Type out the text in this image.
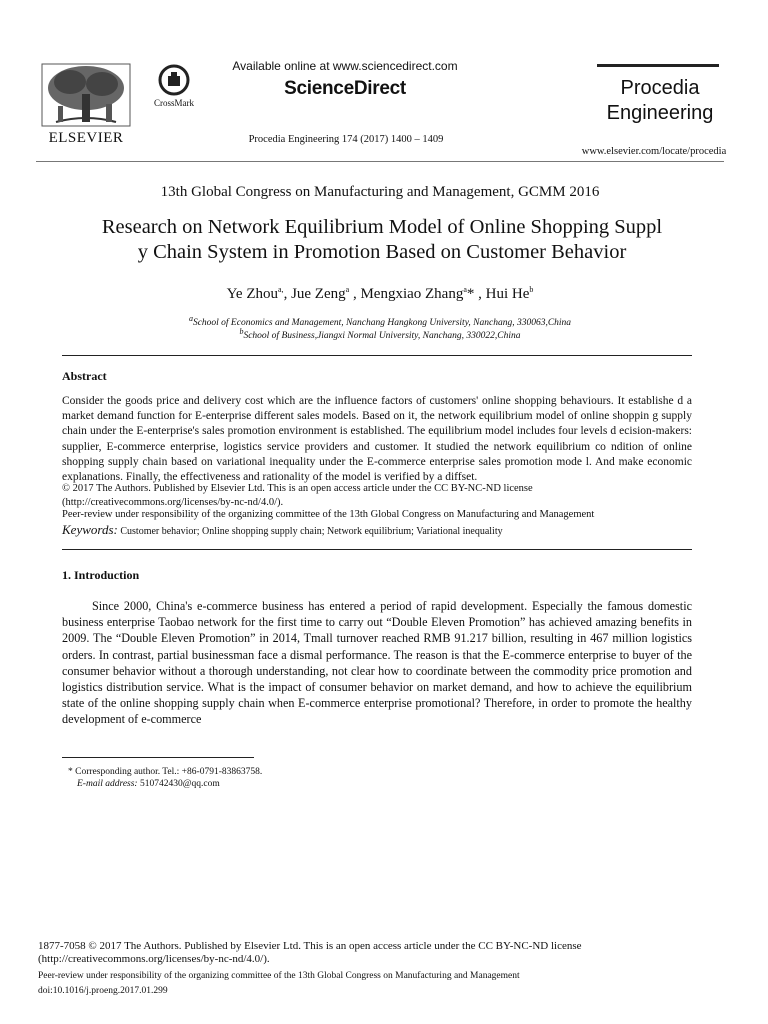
ELSEVIER
CrossMark
Available online at www.sciencedirect.com
ScienceDirect
Procedia Engineering 174 (2017) 1400 – 1409
Procedia
Engineering
www.elsevier.com/locate/procedia
13th Global Congress on Manufacturing and Management, GCMM 2016
Research on Network Equilibrium Model of Online Shopping Suppl
y Chain System in Promotion Based on Customer Behavior
Ye Zhou$^{a,}$, Jue Zeng$^a$ , Mengxiao Zhang$^a$* , Hui He$^b$
$^a$School of Economics and Management, Nanchang Hangkong University, Nanchang, 330063,China
$^b$School of Business,Jiangxi Normal University, Nanchang, 330022,China
Abstract
Consider the goods price and delivery cost which are the influence factors of customers' online shopping behaviours. It establishe d a market demand function for E-enterprise different sales models. Based on it, the network equilibrium model of online shoppin g supply chain under the E-enterprise's sales promotion environment is established. The equilibrium model includes four levels d ecision-makers: supplier, E-commerce enterprise, logistics service providers and customer. It studied the network equilibrium co ndition of online shopping supply chain based on variational inequality under the E-commerce enterprise sales promotion mode l. And make economic explanations. Finally, the effectiveness and rationality of the model is verified by a diffset.
© 2017 The Authors. Published by Elsevier Ltd. This is an open access article under the CC BY-NC-ND license (http://creativecommons.org/licenses/by-nc-nd/4.0/).
Peer-review under responsibility of the organizing committee of the 13th Global Congress on Manufacturing and Management
Keywords: Customer behavior; Online shopping supply chain; Network equilibrium; Variational inequality
1. Introduction
Since 2000, China's e-commerce business has entered a period of rapid development. Especially the famous domestic business enterprise Taobao network for the first time to carry out “Double Eleven Promotion” has achieved amazing benefits in 2009. The “Double Eleven Promotion” in 2014, Tmall turnover reached RMB 91.217 billion, resulting in 467 million logistics orders. In contrast, partial businessman face a dismal performance. The reason is that the E-commerce enterprise to buyer of the consumer behavior without a thorough understanding, not clear how to coordinate between the commodity price promotion and logistics distribution service. What is the impact of consumer behavior on market demand, and how to achieve the equilibrium state of the online shopping supply chain when E-commerce enterprise promotional? Therefore, in order to promote the healthy development of e-commerce
* Corresponding author. Tel.: +86-0791-83863758.
E-mail address: 510742430@qq.com
1877-7058 © 2017 The Authors. Published by Elsevier Ltd. This is an open access article under the CC BY-NC-ND license
(http://creativecommons.org/licenses/by-nc-nd/4.0/).
Peer-review under responsibility of the organizing committee of the 13th Global Congress on Manufacturing and Management
doi:10.1016/j.proeng.2017.01.299
